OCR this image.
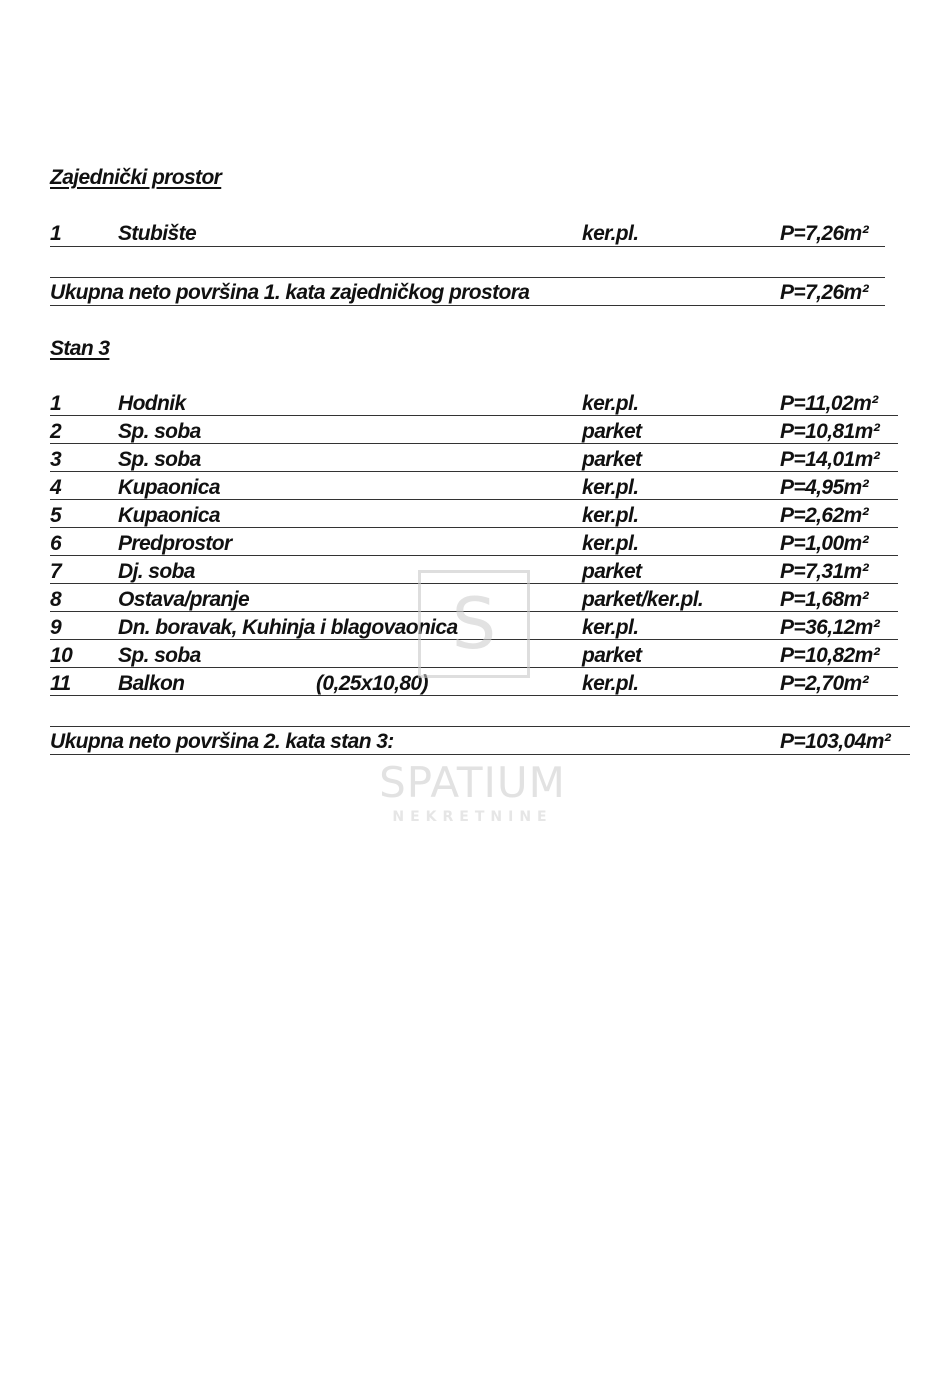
Zajednički prostor
1	Stubište	ker.pl.	P=7,26m²
Ukupna neto površina 1. kata zajedničkog prostora	P=7,26m²
Stan 3
1	Hodnik	ker.pl.	P=11,02m²
2	Sp. soba	parket	P=10,81m²
3	Sp. soba	parket	P=14,01m²
4	Kupaonica	ker.pl.	P=4,95m²
5	Kupaonica	ker.pl.	P=2,62m²
6	Predprostor	ker.pl.	P=1,00m²
7	Dj. soba	parket	P=7,31m²
8	Ostava/pranje	parket/ker.pl.	P=1,68m²
9	Dn. boravak, Kuhinja i blagovaonica	ker.pl.	P=36,12m²
10 Sp. soba	parket	P=10,82m²
11 Balkon	(0,25x10,80)	ker.pl.	P=2,70m²
Ukupna neto površina 2. kata stan 3:	P=103,04m²
S
SPATIUM
NEKRETNINE
